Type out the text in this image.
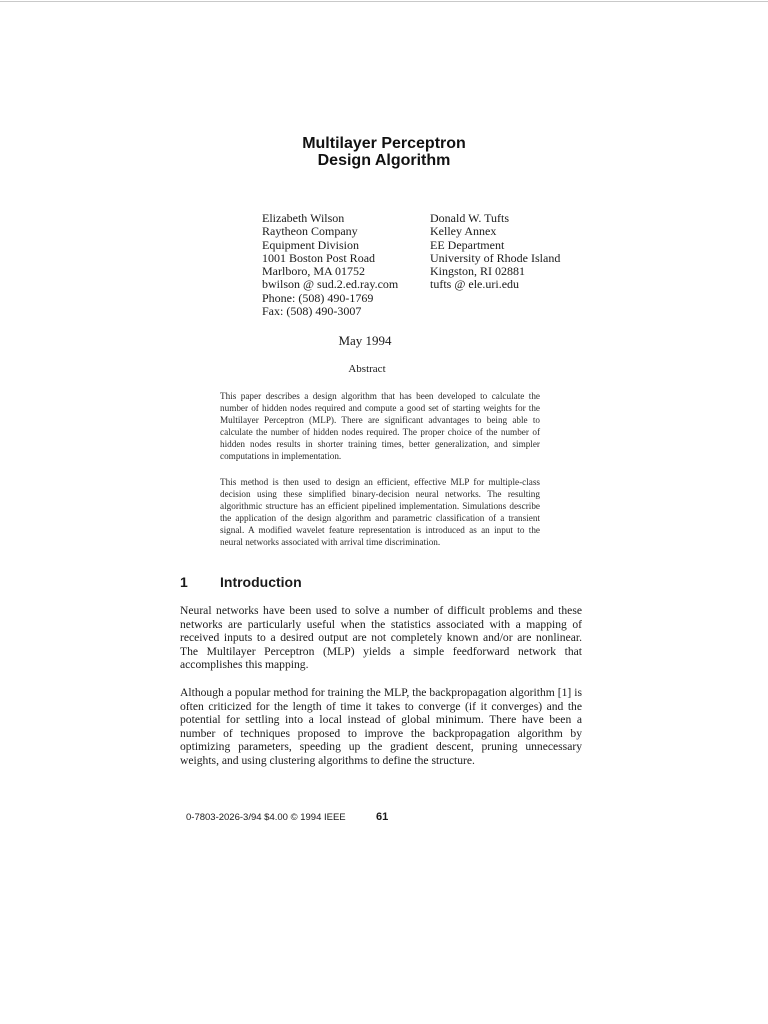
Multilayer Perceptron
Design Algorithm
Elizabeth Wilson
Raytheon Company
Equipment Division
1001 Boston Post Road
Marlboro, MA 01752
bwilson @ sud.2.ed.ray.com
Phone: (508) 490-1769
Fax: (508) 490-3007
Donald W. Tufts
Kelley Annex
EE Department
University of Rhode Island
Kingston, RI 02881
tufts @ ele.uri.edu
May 1994
Abstract
This paper describes a design algorithm that has been developed to calculate the number of hidden nodes required and compute a good set of starting weights for the Multilayer Perceptron (MLP). There are significant advantages to being able to calculate the number of hidden nodes required. The proper choice of the number of hidden nodes results in shorter training times, better generalization, and simpler computations in implementation.
This method is then used to design an efficient, effective MLP for multiple-class decision using these simplified binary-decision neural networks. The resulting algorithmic structure has an efficient pipelined implementation. Simulations describe the application of the design algorithm and parametric classification of a transient signal. A modified wavelet feature representation is introduced as an input to the neural networks associated with arrival time discrimination.
1 Introduction
Neural networks have been used to solve a number of difficult problems and these networks are particularly useful when the statistics associated with a mapping of received inputs to a desired output are not completely known and/or are nonlinear. The Multilayer Perceptron (MLP) yields a simple feedforward network that accomplishes this mapping.
Although a popular method for training the MLP, the backpropagation algorithm [1] is often criticized for the length of time it takes to converge (if it converges) and the potential for settling into a local instead of global minimum. There have been a number of techniques proposed to improve the backpropagation algorithm by optimizing parameters, speeding up the gradient descent, pruning unnecessary weights, and using clustering algorithms to define the structure.
0-7803-2026-3/94 $4.00 © 1994 IEEE	61
